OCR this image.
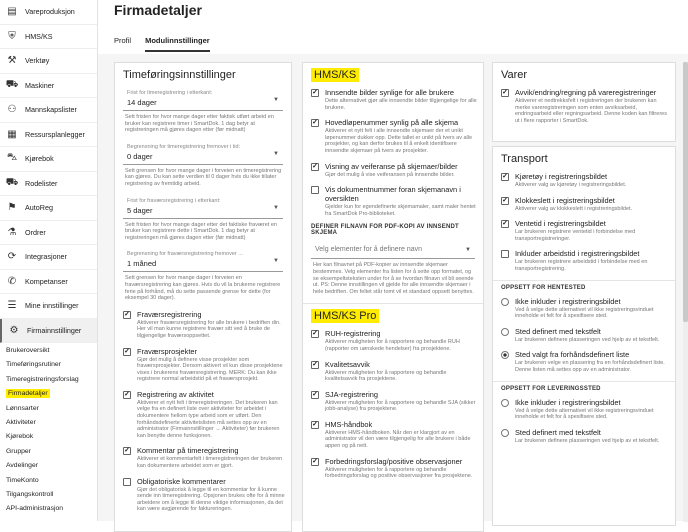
▤	Vareproduksjon
⛨	HMS/KS
⚒	Verktøy
⛟ Maskiner
⚇	Mannskapslister
▦	Ressursplanlegger
⛍ Kjørebok
⛟ Rodelister
⚑	AutoReg
⚗	Ordrer
⟳	Integrasjoner
✆	Kompetanser
☰	Mine innstillinger
⚙	Firmainnstillinger
Brukeroversikt
Timeføringsrutiner
Timeregistreringsforslag
Firmadetaljer
Lønnsarter
Aktiviteter
Kjørebok
Grupper
Avdelinger
TimeKonto
Tilgangskontroll
API-administrasjon
Firmadetaljer
Profil Modulinnstillinger
Timeføringsinnstillinger
Frist for timeregistrering i etterkant:
14 dager	▼
Sett fristen for hvor mange dager etter faktisk utført arbeid en bruker kan registrere timer i SmartDok. 1 dag betyr at registreringen må gjøres dagen etter (før midnatt)
Begrensning for timeregistrering fremover i tid:
0 dager	▼
Sett grensen for hvor mange dager i forveien en timeregistrering kan gjøres. Du kan sette verdien til 0 dager hvis du ikke tillater registrering av fremtidig arbeid.
Frist for fraværsregistrering i etterkant:
5 dager	▼
Sett fristen for hvor mange dager etter det faktiske fraværet en bruker kan registrere dette i SmartDok. 1 dag betyr at registreringen må gjøres dagen etter (før midnatt)
Begrensning for fraværsregistrering fremover ...
1 måned	▼
Sett grensen for hvor mange dager i forveien en fraværsregistrering kan gjøres. Hvis du vil la brukerne registrere ferie på forhånd, må du sette passende grense for dette (for eksempel 30 dager).
✓ Fraværsregistrering
Aktiverer fraværsregistrering for alle brukere i bedriften din. Her vil man kunne registrere fravær sitt ved å bruke de tilgjengelige fraværsoppsettet.
✓ Fraværsprosjekter
Gjør det mulig å definere visse prosjekter som fraværsprosjekter. Dersom aktivert vil kun disse prosjektene vises i brukerens fraværsregistrering. MERK: Du kan ikke registrere normal arbeidstid på et fraværsprosjekt.
✓ Registrering av aktivitet
Aktiverer et nytt felt i timeregistreringen. Det brukeren kan velge fra en definert liste over aktiviteter for arbeidet i dokumentere hellom type arbeid som er utført. Den forhåndsdefinerte aktivitetslisten må settes opp av en administrator (Firmainnstillinger → Aktiviteter) før brukeren kan benytte denne funksjonen.
✓ Kommentar på timeregistrering
Aktiverer et kommentarfelt i timeregistreringen der brukeren kan dokumentere arbeidet som er gjort.
Obligatoriske kommentarer
Gjør det obligatorisk å legge til en kommentar for å kunne sende inn timeregistrering. Opsjonen brukes ofte for å minne arbeidere om å legge til denne viktige informasjonen, da det kan være avgjørende for faktureringen.
HMS/KS
✓ Innsendte bilder synlige for alle brukere
Dette alternativet gjør alle innsendte bilder tilgjengelige for alle brukere.
✓ Hovedløpenummer synlig på alle skjema
Aktiverer et nytt felt i alle innsendte skjemaer der et unikt løpenummer dukker opp. Dette tallet er unikt på tvers av alle prosjekter, og kan derfor brukes til å enkelt identifisere innsendte skjemaer på tvers av prosjekter.
✓ Visning av veiferanse på skjemaer/bilder
Gjør det mulig å vise veiferansen på innsendte bilder.
Vis dokumentnummer foran skjemanavn i oversikten
Gjelder kun for egendefinerte skjemamaler, samt maler hentet fra SmartDok Pro-biblioteket.
DEFINER FILNAVN FOR PDF-KOPI AV INNSENDT SKJEMA
Velg elementer for å definere navn	▼
Her kan filnavnet på PDF-kopier av innsendte skjemaer bestemmes. Velg elementer fra listen for å sette opp formatet, og se eksempeltsteksten under for å se hvordan filnavn vil bli seende ut. PS: Denne innstillingen vil gjelde for alle innsendte skjemaer i hele bedriften. Om feltet står tomt vil et standard oppsett benyttes.
HMS/KS Pro
✓ RUH-registrering
Aktiverer muligheten for å rapportere og behandle RUH (rapporter om uønskede hendelser) fra prosjektene.
✓ Kvalitetsavvik
Aktiverer muligheten for å rapportere og behandle kvalitetsavvik fra prosjektene.
✓ SJA-registrering
Aktiverer muligheten for å rapportere og behandle SJA (sikker jobb-analyse) fra prosjektene.
✓ HMS-håndbok
Aktiverer HMS-håndboken. Når den er klargjort av en administrator vil den være tilgjengelig for alle brukere i både appen og på nett.
✓ Forbedringsforslag/positive observasjoner
Aktiverer muligheten for å rapportere og behandle forbedringsforslag og positive observasjoner fra prosjektene.
Varer
✓ Avvik/endring/regning på vareregistreringer
Aktiverer et nedtrekksfelt i registreringen der brukeren kan merke vareregistreringen som enten avviksarbeid, endringsarbeid eller regningsarbeid. Denne koden kan filtreres ut i flere rapporter i SmartDok.
Transport
✓ Kjøretøy i registreringsbildet
Aktiverer valg av kjøretøy i registreringsbildet.
✓ Klokkeslett i registreringsbildet
Aktiverer valg av klokkeslett i registreringsbildet.
✓ Ventetid i registreringsbildet
Lar brukeren registrere ventetid i forbindelse med transportregistreringer.
Inkluder arbeidstid i registreringsbildet
Lar brukeren registrere arbeidstid i forbindelse med en transportregistrering.
OPPSETT FOR HENTESTED
Ikke inkluder i registreringsbildet
Ved å velge dette alternativet vil ikke registreringsvinduet inneholde et felt for å spesifisere sted.
Sted definert med tekstfelt
Lar brukeren definere plasseringen ved hjelp av et tekstfelt.
Sted valgt fra forhåndsdefinert liste
Lar brukeren velge en plassering fra en forhåndsdefinert liste. Denne listen må settes opp av en administrator.
OPPSETT FOR LEVERINGSSTED
Ikke inkluder i registreringsbildet
Ved å velge dette alternativet vil ikke registreringsvinduet inneholde et felt for å spesifisere sted.
Sted definert med tekstfelt
Lar brukeren definere plasseringen ved hjelp av et tekstfelt.
